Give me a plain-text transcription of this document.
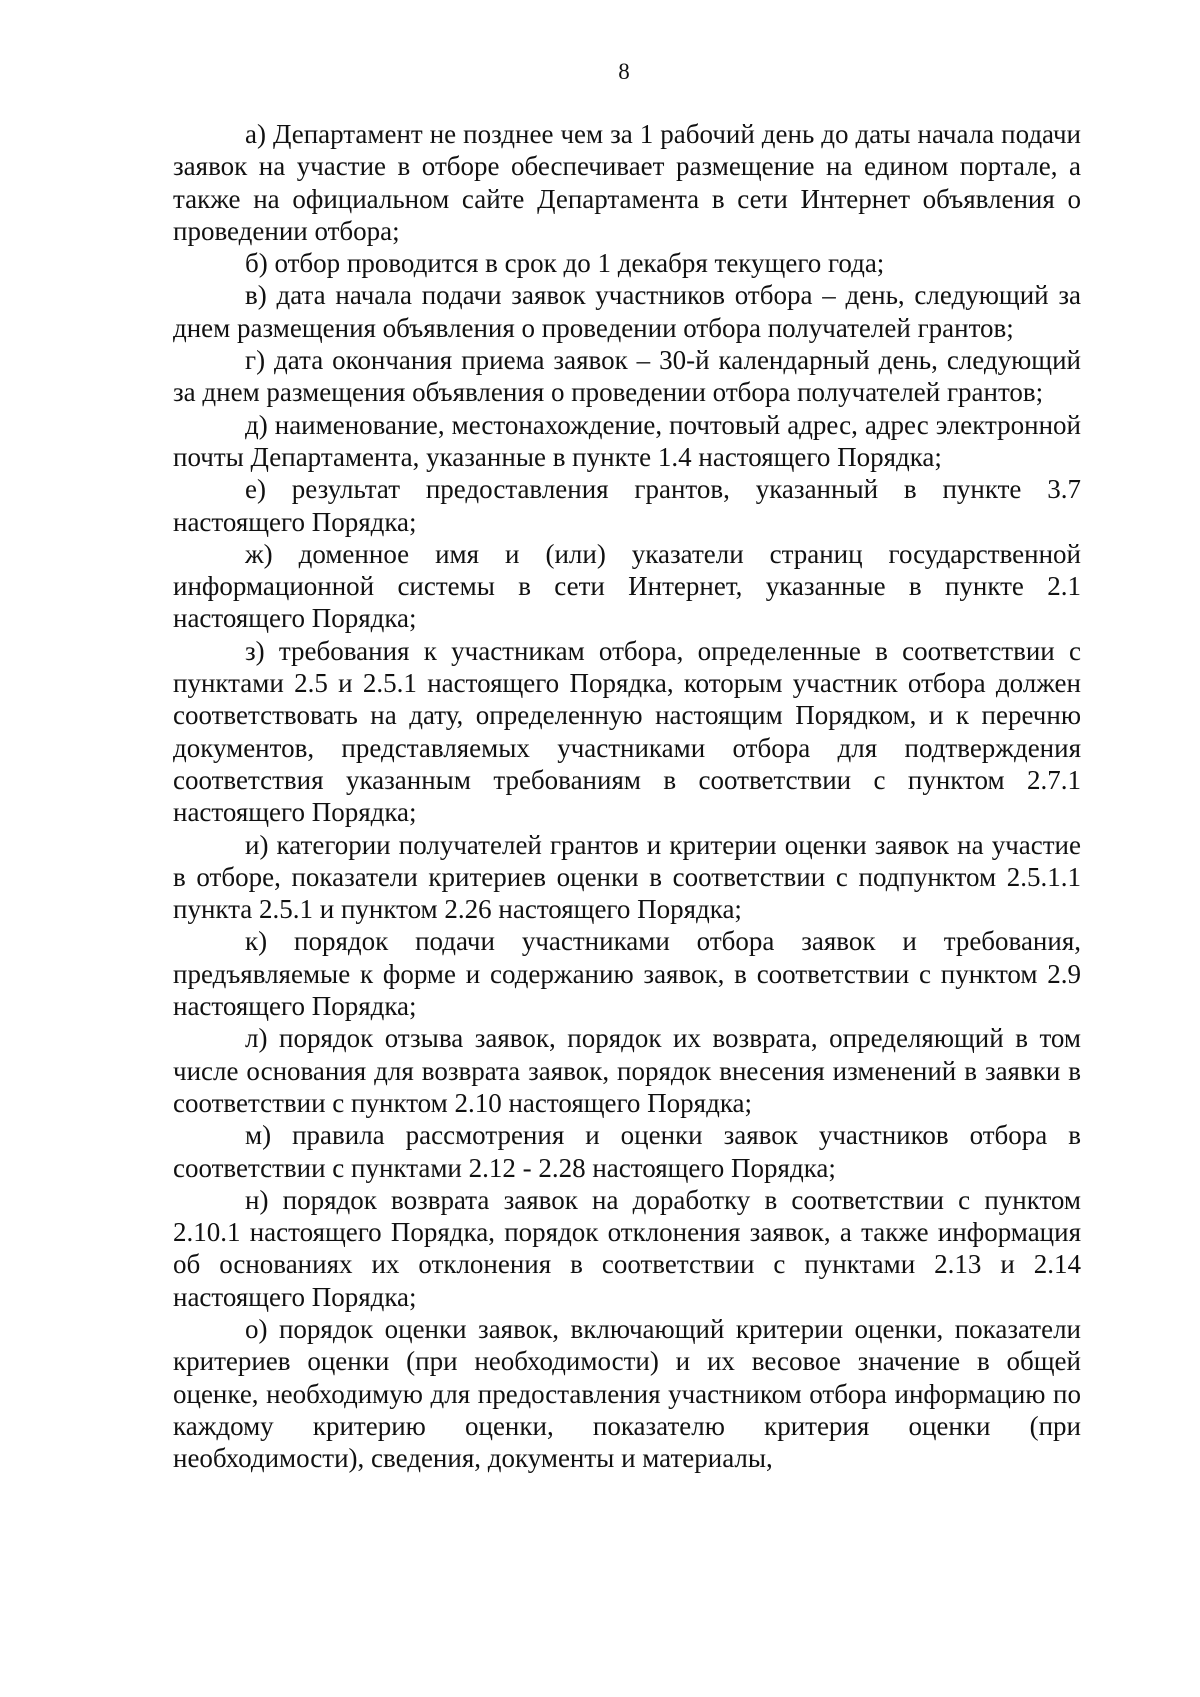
8

а) Департамент не позднее чем за 1 рабочий день до даты начала подачи заявок на участие в отборе обеспечивает размещение на едином портале, а также на официальном сайте Департамента в сети Интернет объявления о проведении отбора;

б) отбор проводится в срок до 1 декабря текущего года;

в) дата начала подачи заявок участников отбора – день, следующий за днем размещения объявления о проведении отбора получателей грантов;

г) дата окончания приема заявок – 30-й календарный день, следующий за днем размещения объявления о проведении отбора получателей грантов;

д) наименование, местонахождение, почтовый адрес, адрес электронной почты Департамента, указанные в пункте 1.4 настоящего Порядка;

е) результат предоставления грантов, указанный в пункте 3.7 настоящего Порядка;

ж) доменное имя и (или) указатели страниц государственной информационной системы в сети Интернет, указанные в пункте 2.1 настоящего Порядка;

з) требования к участникам отбора, определенные в соответствии с пунктами 2.5 и 2.5.1 настоящего Порядка, которым участник отбора должен соответствовать на дату, определенную настоящим Порядком, и к перечню документов, представляемых участниками отбора для подтверждения соответствия указанным требованиям в соответствии с пунктом 2.7.1 настоящего Порядка;

и) категории получателей грантов и критерии оценки заявок на участие в отборе, показатели критериев оценки в соответствии с подпунктом 2.5.1.1 пункта 2.5.1 и пунктом 2.26 настоящего Порядка;

к) порядок подачи участниками отбора заявок и требования, предъявляемые к форме и содержанию заявок, в соответствии с пунктом 2.9 настоящего Порядка;

л) порядок отзыва заявок, порядок их возврата, определяющий в том числе основания для возврата заявок, порядок внесения изменений в заявки в соответствии с пунктом 2.10 настоящего Порядка;

м) правила рассмотрения и оценки заявок участников отбора в соответствии с пунктами 2.12 - 2.28 настоящего Порядка;

н) порядок возврата заявок на доработку в соответствии с пунктом 2.10.1 настоящего Порядка, порядок отклонения заявок, а также информация об основаниях их отклонения в соответствии с пунктами 2.13 и 2.14 настоящего Порядка;

о) порядок оценки заявок, включающий критерии оценки, показатели критериев оценки (при необходимости) и их весовое значение в общей оценке, необходимую для предоставления участником отбора информацию по каждому критерию оценки, показателю критерия оценки (при необходимости), сведения, документы и материалы,
